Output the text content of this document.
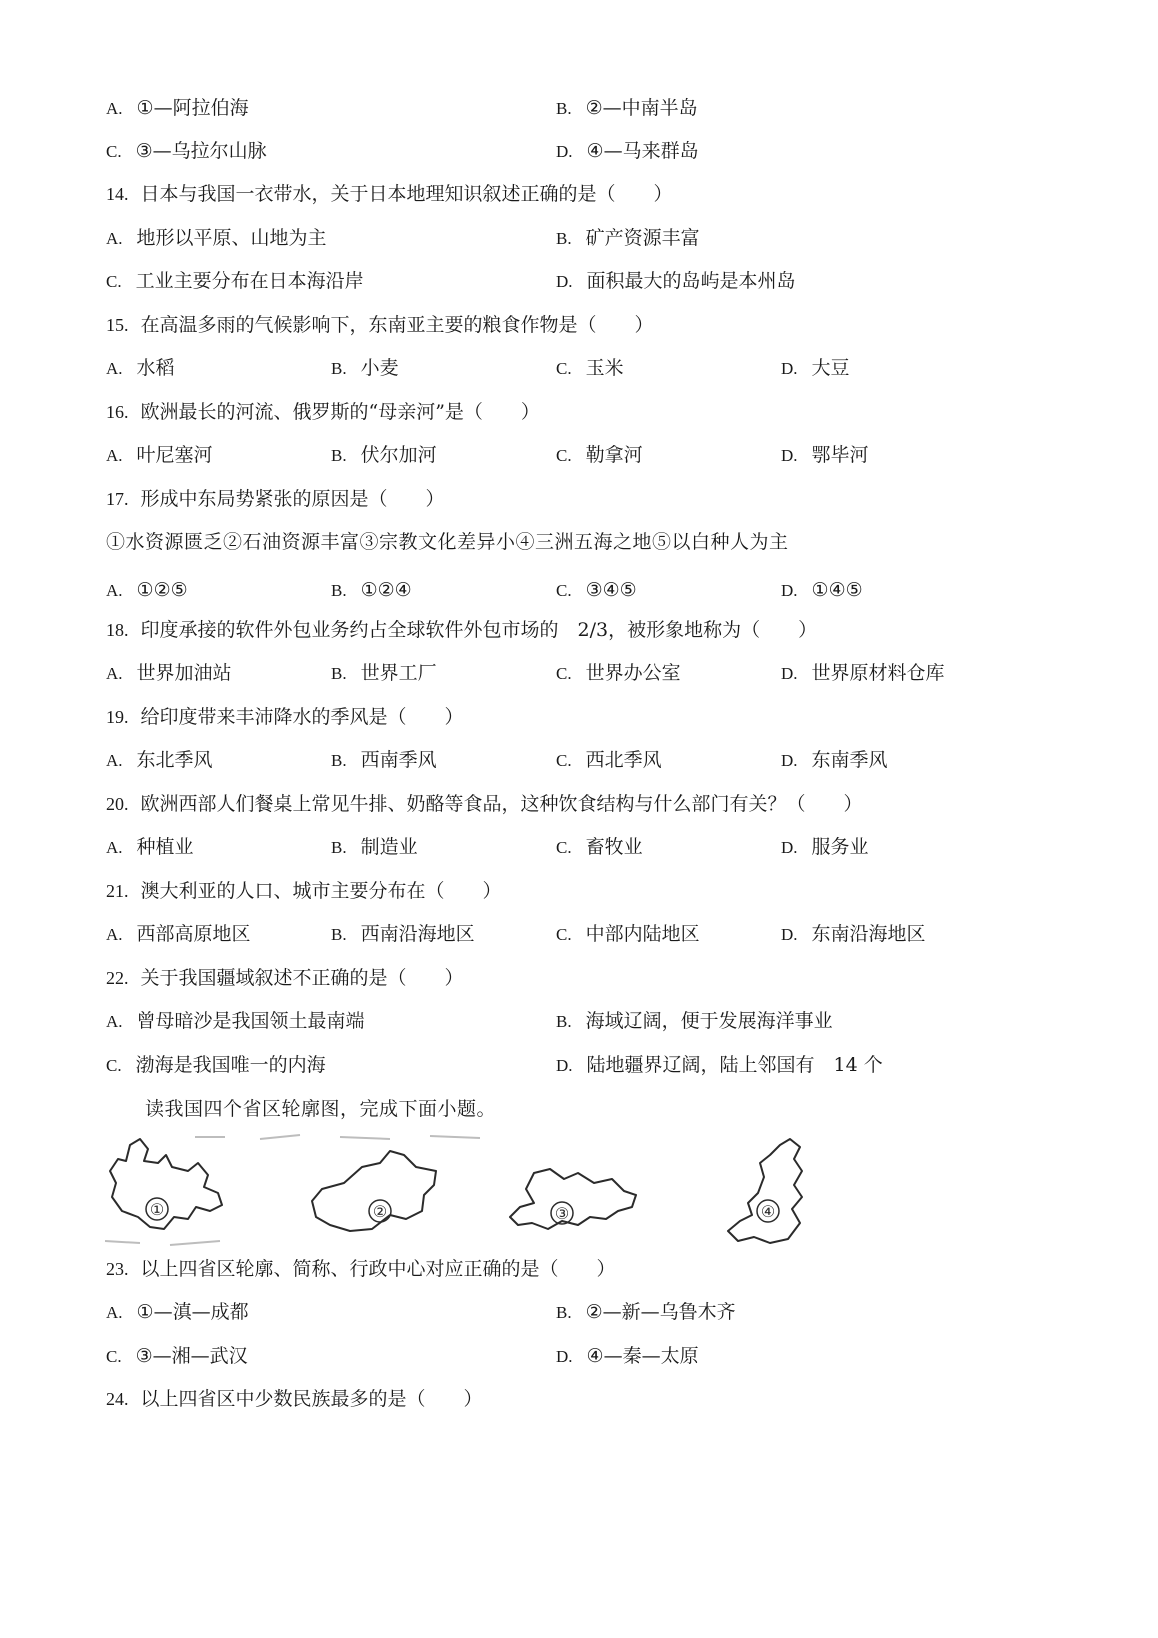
A. ①—阿拉伯海	B. ②—中南半岛
C. ③—乌拉尔山脉	D. ④—马来群岛
14. 日本与我国一衣带水，关于日本地理知识叙述正确的是（　　）
A. 地形以平原、山地为主	B. 矿产资源丰富
C. 工业主要分布在日本海沿岸	D. 面积最大的岛屿是本州岛
15. 在高温多雨的气候影响下，东南亚主要的粮食作物是（　　）
A. 水稻	B. 小麦	C. 玉米	D. 大豆
16. 欧洲最长的河流、俄罗斯的“母亲河”是（　　）
A. 叶尼塞河	B. 伏尔加河	C. 勒拿河	D. 鄂毕河
17. 形成中东局势紧张的原因是（　　）
①水资源匮乏②石油资源丰富③宗教文化差异小④三洲五海之地⑤以白种人为主
A. ①②⑤	B. ①②④	C. ③④⑤	D. ①④⑤
18. 印度承接的软件外包业务约占全球软件外包市场的　2/3，被形象地称为（　　）
A. 世界加油站	B. 世界工厂	C. 世界办公室	D. 世界原材料仓库
19. 给印度带来丰沛降水的季风是（　　）
A. 东北季风	B. 西南季风	C. 西北季风	D. 东南季风
20. 欧洲西部人们餐桌上常见牛排、奶酪等食品，这种饮食结构与什么部门有关？（　　）
A. 种植业	B. 制造业	C. 畜牧业	D. 服务业
21. 澳大利亚的人口、城市主要分布在（　　）
A. 西部高原地区	B. 西南沿海地区	C. 中部内陆地区	D. 东南沿海地区
22. 关于我国疆域叙述不正确的是（　　）
A. 曾母暗沙是我国领土最南端	B. 海域辽阔，便于发展海洋事业
C. 渤海是我国唯一的内海	D. 陆地疆界辽阔，陆上邻国有　14 个
　　读我国四个省区轮廓图，完成下面小题。
23. 以上四省区轮廓、简称、行政中心对应正确的是（　　）
A. ①—滇—成都	B. ②—新—乌鲁木齐
C. ③—湘—武汉	D. ④—秦—太原
24. 以上四省区中少数民族最多的是（　　）
①	②	③	④
